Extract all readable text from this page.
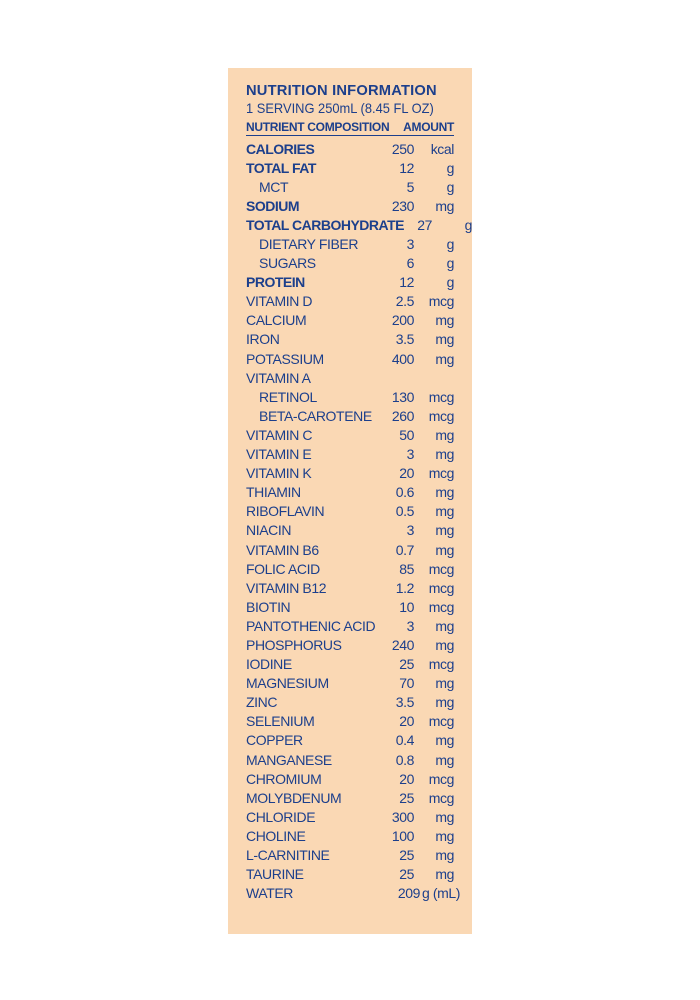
NUTRITION INFORMATION
1 SERVING 250mL (8.45 FL OZ)
NUTRIENT COMPOSITION AMOUNT
CALORIES	250	kcal
TOTAL FAT	12	g
MCT	5	g
SODIUM	230	mg
TOTAL CARBOHYDRATE 27	g
DIETARY FIBER	3	g
SUGARS	6	g
PROTEIN	12	g
VITAMIN D	2.5	mcg
CALCIUM	200	mg
IRON	3.5	mg
POTASSIUM	400	mg
VITAMIN A
RETINOL	130	mcg
BETA-CAROTENE	260	mcg
VITAMIN C	50	mg
VITAMIN E	3	mg
VITAMIN K	20	mcg
THIAMIN	0.6	mg
RIBOFLAVIN	0.5	mg
NIACIN	3	mg
VITAMIN B6	0.7	mg
FOLIC ACID	85	mcg
VITAMIN B12	1.2	mcg
BIOTIN	10	mcg
PANTOTHENIC ACID	3	mg
PHOSPHORUS	240	mg
IODINE	25	mcg
MAGNESIUM	70	mg
ZINC	3.5	mg
SELENIUM	20	mcg
COPPER	0.4	mg
MANGANESE	0.8	mg
CHROMIUM	20	mcg
MOLYBDENUM	25	mcg
CHLORIDE	300	mg
CHOLINE	100	mg
L-CARNITINE	25	mg
TAURINE	25	mg
WATER	209 g (mL)
